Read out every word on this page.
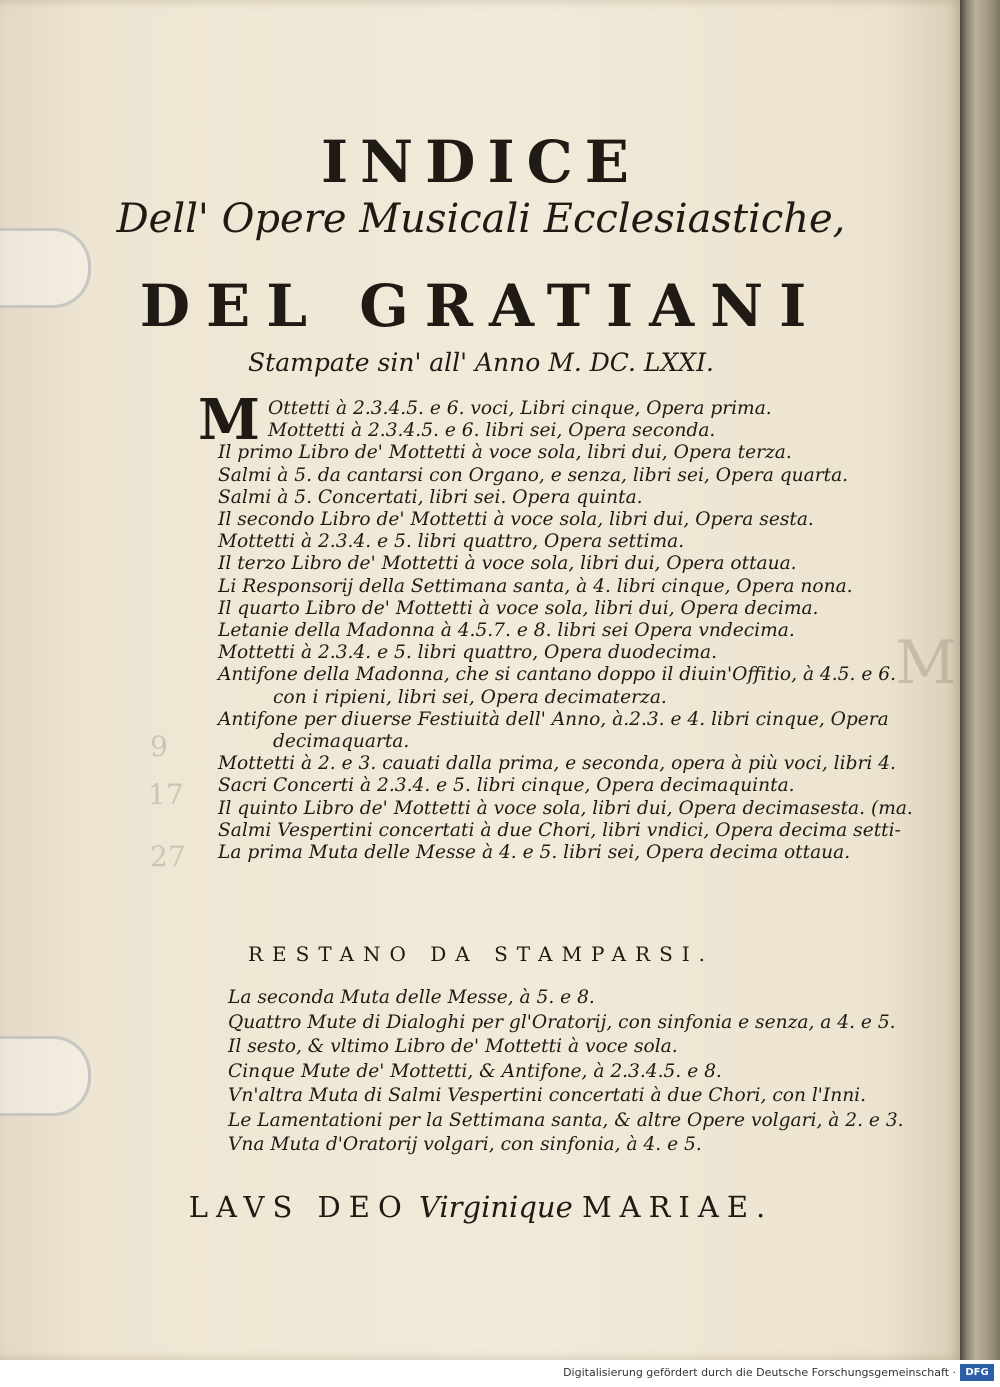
M
9
17
27
INDICE
Dell' Opere Musicali Ecclesiastiche,
DEL GRATIANI
Stampate sin' all' Anno M. DC. LXXI.
M Ottetti à 2.3.4.5. e 6. voci, Libri cinque, Opera prima.
Mottetti à 2.3.4.5. e 6. libri sei, Opera seconda.
Il primo Libro de' Mottetti à voce sola, libri dui, Opera terza.
Salmi à 5. da cantarsi con Organo, e senza, libri sei, Opera quarta.
Salmi à 5. Concertati, libri sei. Opera quinta.
Il secondo Libro de' Mottetti à voce sola, libri dui, Opera sesta.
Mottetti à 2.3.4. e 5. libri quattro, Opera settima.
Il terzo Libro de' Mottetti à voce sola, libri dui, Opera ottaua.
Li Responsorij della Settimana santa, à 4. libri cinque, Opera nona.
Il quarto Libro de' Mottetti à voce sola, libri dui, Opera decima.
Letanie della Madonna à 4.5.7. e 8. libri sei Opera vndecima.
Mottetti à 2.3.4. e 5. libri quattro, Opera duodecima.
Antifone della Madonna, che si cantano doppo il diuin'Offitio, à 4.5. e 6.
con i ripieni, libri sei, Opera decimaterza.
Antifone per diuerse Festiuità dell' Anno, à.2.3. e 4. libri cinque, Opera
decimaquarta.
Mottetti à 2. e 3. cauati dalla prima, e seconda, opera à più voci, libri 4.
Sacri Concerti à 2.3.4. e 5. libri cinque, Opera decimaquinta.
Il quinto Libro de' Mottetti à voce sola, libri dui, Opera decimasesta. (ma.
Salmi Vespertini concertati à due Chori, libri vndici, Opera decima setti-
La prima Muta delle Messe à 4. e 5. libri sei, Opera decima ottaua.
RESTANO DA STAMPARSI.
La seconda Muta delle Messe, à 5. e 8.
Quattro Mute di Dialoghi per gl'Oratorij, con sinfonia e senza, a 4. e 5.
Il sesto, & vltimo Libro de' Mottetti à voce sola.
Cinque Mute de' Mottetti, & Antifone, à 2.3.4.5. e 8.
Vn'altra Muta di Salmi Vespertini concertati à due Chori, con l'Inni.
Le Lamentationi per la Settimana santa, & altre Opere volgari, à 2. e 3.
Vna Muta d'Oratorij volgari, con sinfonia, à 4. e 5.
LAVS DEO Virginique MARIAE.
Digitalisierung gefördert durch die Deutsche Forschungsgemeinschaft · DFG
